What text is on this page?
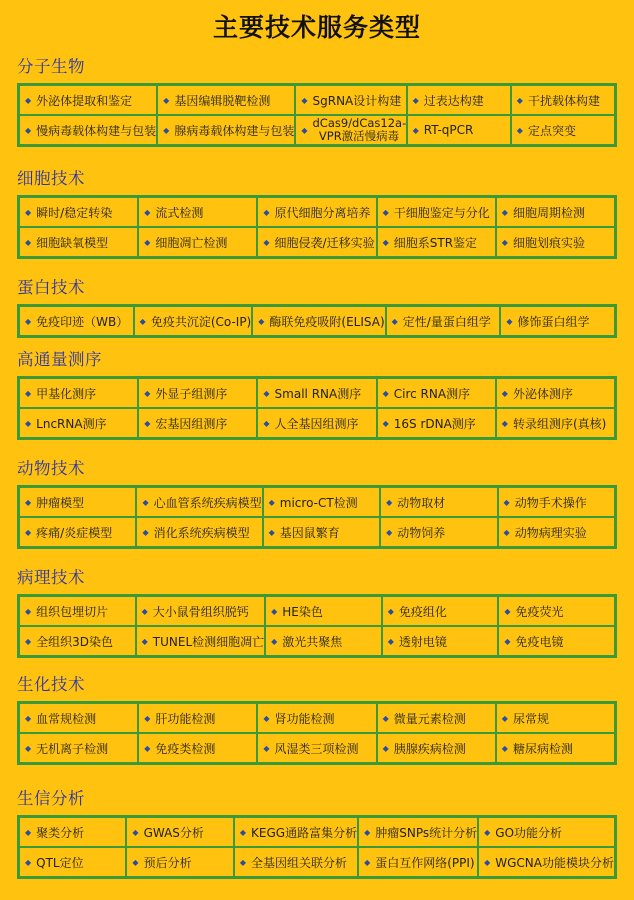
主要技术服务类型
分子生物
◆ 外泌体提取和鉴定	◆ 基因编辑脱靶检测	◆ SgRNA设计构建 ◆ 过表达构建	◆ 干扰载体构建
◆ 慢病毒载体构建与包装 ◆ 腺病毒载体构建与包装 ◆ dCas9/dCas12a-VPR激活慢病毒	◆ RT-qPCR	◆ 定点突变
细胞技术
◆ 瞬时/稳定转染	◆ 流式检测	◆ 原代细胞分离培养 ◆ 干细胞鉴定与分化 ◆ 细胞周期检测
◆ 细胞缺氧模型	◆ 细胞凋亡检测	◆ 细胞侵袭/迁移实验 ◆ 细胞系STR鉴定	◆ 细胞划痕实验
蛋白技术
◆ 免疫印迹（WB） ◆ 免疫共沉淀(Co-IP) ◆ 酶联免疫吸附(ELISA) ◆ 定性/量蛋白组学 ◆ 修饰蛋白组学
高通量测序
◆ 甲基化测序	◆ 外显子组测序	◆ Small RNA测序	◆ Circ RNA测序	◆ 外泌体测序
◆ LncRNA测序	◆ 宏基因组测序	◆ 人全基因组测序	◆ 16S rDNA测序	◆ 转录组测序(真核)
动物技术
◆ 肿瘤模型	◆ 心血管系统疾病模型 ◆ micro-CT检测	◆ 动物取材	◆ 动物手术操作
◆ 疼痛/炎症模型	◆ 消化系统疾病模型 ◆ 基因鼠繁育	◆ 动物饲养	◆ 动物病理实验
病理技术
◆ 组织包埋切片	◆ 大小鼠骨组织脱钙	◆ HE染色	◆ 免疫组化	◆ 免疫荧光
◆ 全组织3D染色	◆ TUNEL检测细胞凋亡 ◆ 激光共聚焦	◆ 透射电镜	◆ 免疫电镜
生化技术
◆ 血常规检测	◆ 肝功能检测	◆ 肾功能检测	◆ 微量元素检测	◆ 尿常规
◆ 无机离子检测	◆ 免疫类检测	◆ 风湿类三项检测	◆ 胰腺疾病检测	◆ 糖尿病检测
生信分析
◆ 聚类分析	◆ GWAS分析	◆ KEGG通路富集分析 ◆ 肿瘤SNPs统计分析 ◆ GO功能分析
◆ QTL定位	◆ 预后分析	◆ 全基因组关联分析 ◆ 蛋白互作网络(PPI) ◆ WGCNA功能模块分析
